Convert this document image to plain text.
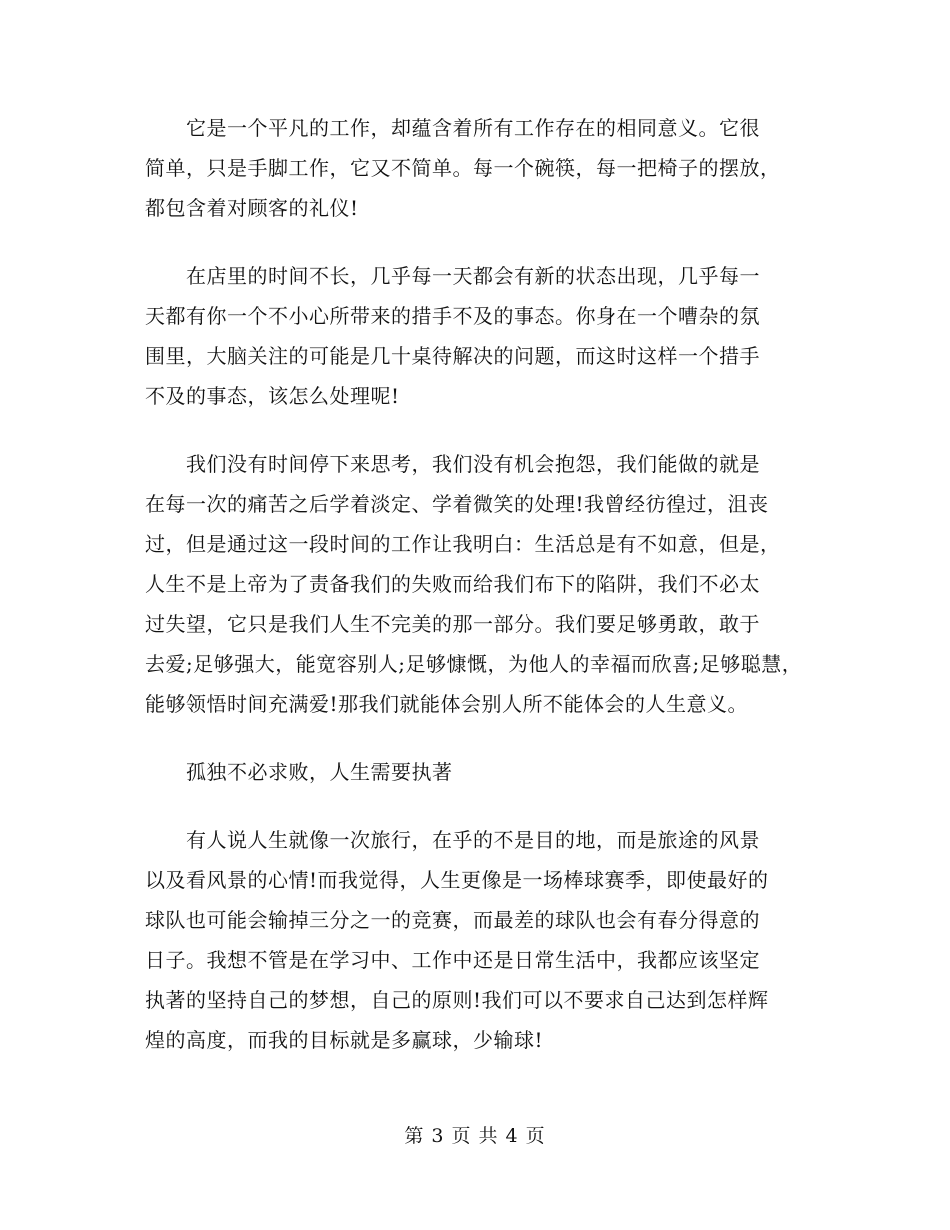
它是一个平凡的工作，却蕴含着所有工作存在的相同意义。它很
简单，只是手脚工作，它又不简单。每一个碗筷，每一把椅子的摆放，
都包含着对顾客的礼仪!
在店里的时间不长，几乎每一天都会有新的状态出现，几乎每一
天都有你一个不小心所带来的措手不及的事态。你身在一个嘈杂的氛
围里，大脑关注的可能是几十桌待解决的问题，而这时这样一个措手
不及的事态，该怎么处理呢!
我们没有时间停下来思考，我们没有机会抱怨，我们能做的就是
在每一次的痛苦之后学着淡定、学着微笑的处理!我曾经彷徨过，沮丧
过，但是通过这一段时间的工作让我明白：生活总是有不如意，但是，
人生不是上帝为了责备我们的失败而给我们布下的陷阱，我们不必太
过失望，它只是我们人生不完美的那一部分。我们要足够勇敢，敢于
去爱;足够强大，能宽容别人;足够慷慨，为他人的幸福而欣喜;足够聪慧，
能够领悟时间充满爱!那我们就能体会别人所不能体会的人生意义。
孤独不必求败，人生需要执著
有人说人生就像一次旅行，在乎的不是目的地，而是旅途的风景
以及看风景的心情!而我觉得，人生更像是一场棒球赛季，即使最好的
球队也可能会输掉三分之一的竞赛，而最差的球队也会有春分得意的
日子。我想不管是在学习中、工作中还是日常生活中，我都应该坚定
执著的坚持自己的梦想，自己的原则!我们可以不要求自己达到怎样辉
煌的高度，而我的目标就是多赢球，少输球!
第 3 页 共 4 页
